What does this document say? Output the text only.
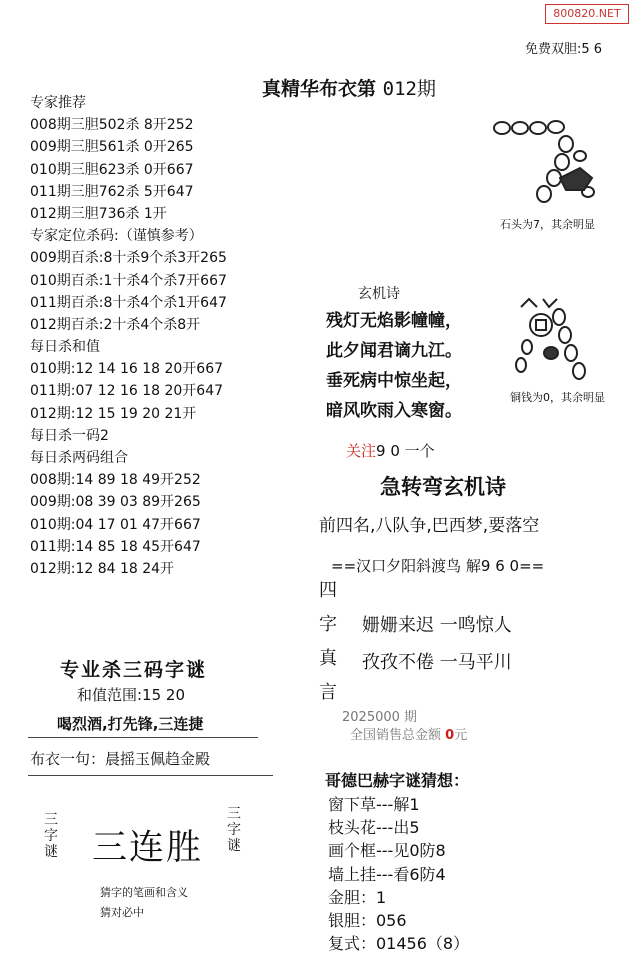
800820.NET
免费双胆:5 6
真精华布衣第 012期
专家推荐
008期三胆502杀 8开252
009期三胆561杀 0开265
010期三胆623杀 0开667
011期三胆762杀 5开647
012期三胆736杀 1开
专家定位杀码:（谨慎参考）
009期百杀:8十杀9个杀3开265
010期百杀:1十杀4个杀7开667
011期百杀:8十杀4个杀1开647
012期百杀:2十杀4个杀8开
每日杀和值
010期:12 14 16 18 20开667
011期:07 12 16 18 20开647
012期:12 15 19 20 21开
每日杀一码2
每日杀两码组合
008期:14 89 18 49开252
009期:08 39 03 89开265
010期:04 17 01 47开667
011期:14 85 18 45开647
012期:12 84 18 24开
专业杀三码字谜
和值范围:15 20
喝烈酒,打先锋,三连捷
布衣一句：晨摇玉佩趋金殿
三字谜 三连胜
三字谜
猜字的笔画和含义
猜对必中
石头为7，其余明显
铜钱为0，其余明显
玄机诗
残灯无焰影幢幢，
此夕闻君谪九江。
垂死病中惊坐起，
暗风吹雨入寒窗。
关注9 0 一个
急转弯玄机诗
前四名,八队争,巴西梦,要落空
==汉口夕阳斜渡鸟 解9 6 0==
四字真言
姗姗来迟 一鸣惊人
孜孜不倦 一马平川
2025000 期
全国销售总金额 0元
哥德巴赫字谜猜想：
窗下草---解1
枝头花---出5
画个框---见0防8
墙上挂---看6防4
金胆：1
银胆：056
复式：01456（8）
